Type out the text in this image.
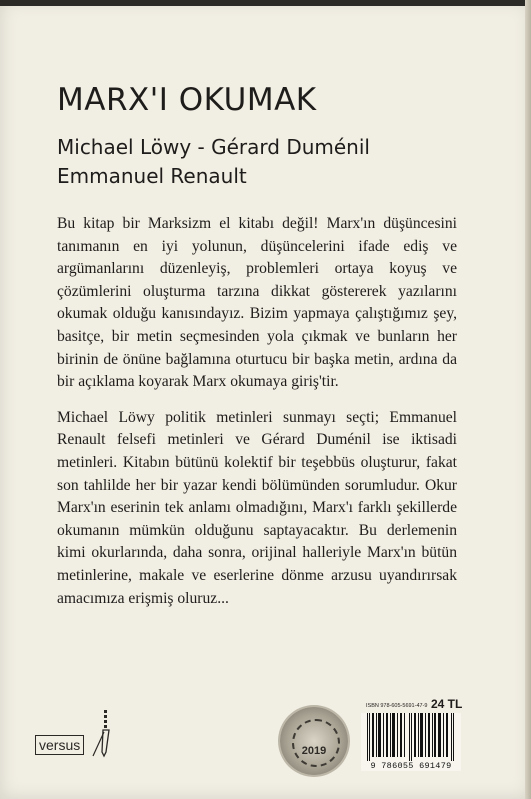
MARX'I OKUMAK
Michael Löwy - Gérard Duménil
Emmanuel Renault

Bu kitap bir Marksizm el kitabı değil! Marx'ın düşüncesini tanımanın en iyi yolunun, düşüncelerini ifade ediş ve argümanlarını düzenleyiş, problemleri ortaya koyuş ve çözümlerini oluşturma tarzına dikkat göstererek yazılarını okumak olduğu kanısındayız. Bizim yapmaya çalıştığımız şey, basitçe, bir metin seçmesinden yola çıkmak ve bunların her birinin de önüne bağlamına oturtucu bir başka metin, ardına da bir açıklama koyarak Marx okumaya giriş'tir.

Michael Löwy politik metinleri sunmayı seçti; Emmanuel Renault felsefi metinleri ve Gérard Duménil ise iktisadi metinleri. Kitabın bütünü kolektif bir teşebbüs oluşturur, fakat son tahlilde her bir yazar kendi bölümünden sorumludur. Okur Marx'ın eserinin tek anlamı olmadığını, Marx'ı farklı şekillerde okumanın mümkün olduğunu saptayacaktır. Bu derlemenin kimi okurlarında, daha sonra, orijinal halleriyle Marx'ın bütün metinlerine, makale ve eserlerine dönme arzusu uyandırırsak amacımıza erişmiş oluruz...

versus	2019
ISBN 978-605-5691-47-9 24 TL
9 786055 691479
